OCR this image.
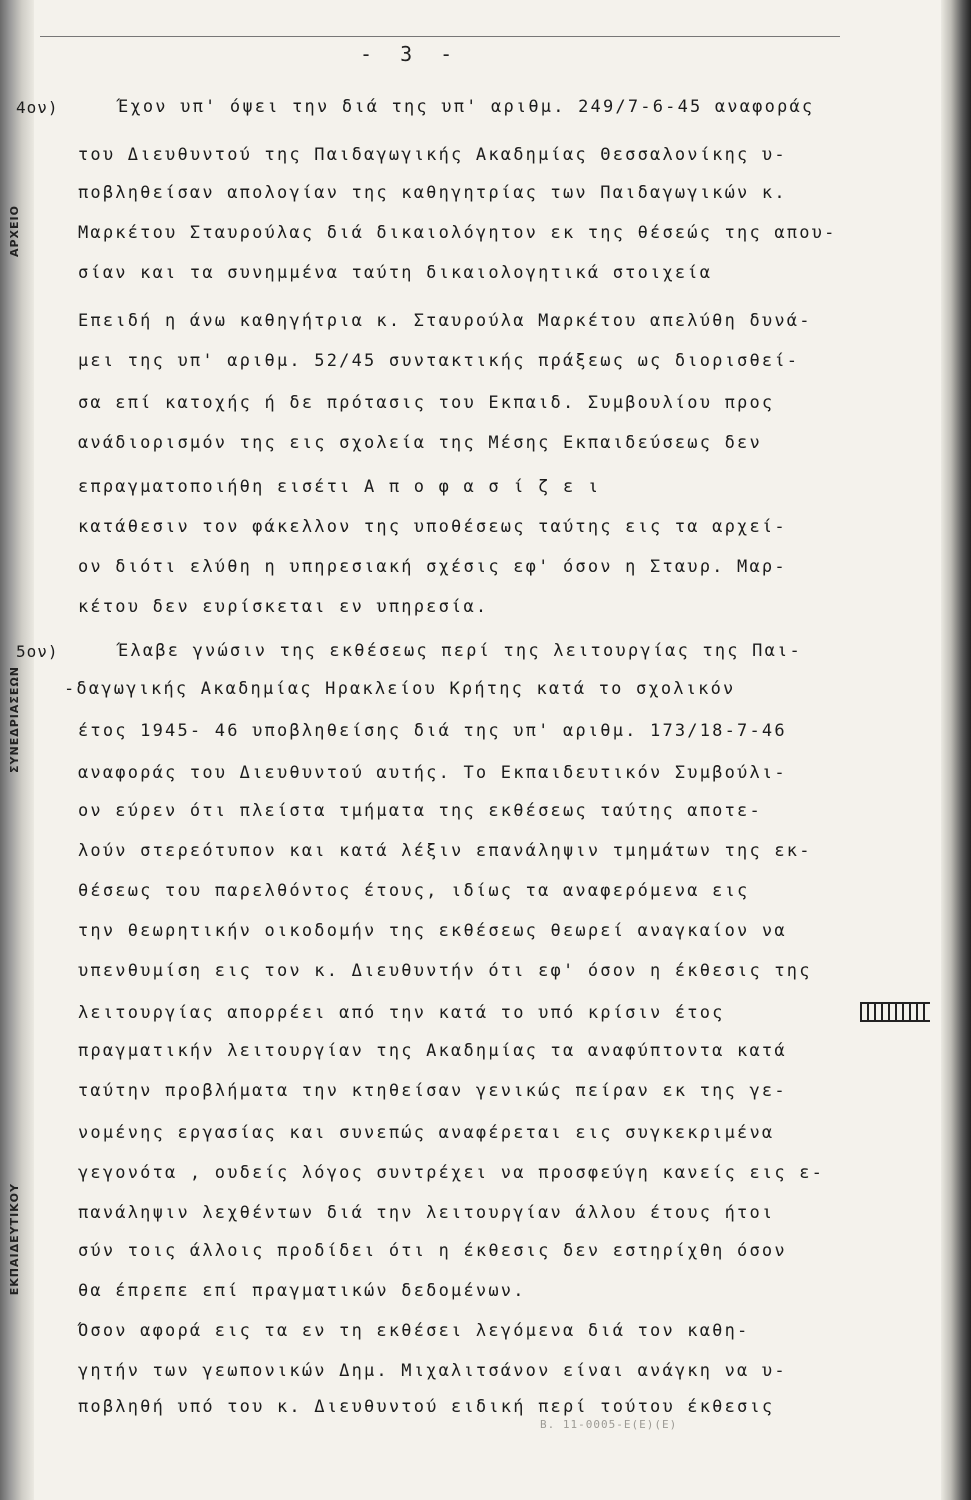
ΑΡΧΕΙΟ
ΣΥΝΕΔΡΙΑΣΕΩΝ
ΕΚΠΑΙΔΕΥΤΙΚΟΥ
- 3 -
4ον)	Έχον υπ' όψει την διά της υπ' αριθμ. 249/7-6-45 αναφοράς

του Διευθυντού της Παιδαγωγικής Ακαδημίας Θεσσαλονίκης υ-

ποβληθείσαν απολογίαν της καθηγητρίας των Παιδαγωγικών κ.

Μαρκέτου Σταυρούλας διά δικαιολόγητον εκ της θέσεώς της απου-

σίαν και τα συνημμένα ταύτη δικαιολογητικά στοιχεία

Επειδή η άνω καθηγήτρια κ. Σταυρούλα Μαρκέτου απελύθη δυνά-

μει της υπ' αριθμ. 52/45 συντακτικής πράξεως ως διορισθεί-

σα επί κατοχής ή δε πρότασις του Εκπαιδ. Συμβουλίου προς

ανάδιορισμόν της εις σχολεία της Μέσης Εκπαιδεύσεως δεν

επραγματοποιήθη εισέτι Α π ο φ α σ ί ζ ε ι

κατάθεσιν τον φάκελλον της υποθέσεως ταύτης εις τα αρχεί-

ον διότι ελύθη η υπηρεσιακή σχέσις εφ' όσον η Σταυρ. Μαρ-

κέτου δεν ευρίσκεται εν υπηρεσία.

5ον)	Έλαβε γνώσιν της εκθέσεως περί της λειτουργίας της Παι-

-δαγωγικής Ακαδημίας Ηρακλείου Κρήτης κατά το σχολικόν

έτος 1945- 46 υποβληθείσης διά της υπ' αριθμ. 173/18-7-46

αναφοράς του Διευθυντού αυτής. Το Εκπαιδευτικόν Συμβούλι-

ον εύρεν ότι πλείστα τμήματα της εκθέσεως ταύτης αποτε-

λούν στερεότυπον και κατά λέξιν επανάληψιν τμημάτων της εκ-

θέσεως του παρελθόντος έτους, ιδίως τα αναφερόμενα εις

την θεωρητικήν οικοδομήν της εκθέσεως θεωρεί αναγκαίον να

υπενθυμίση εις τον κ. Διευθυντήν ότι εφ' όσον η έκθεσις της

λειτουργίας απορρέει από την κατά το υπό κρίσιν έτος

πραγματικήν λειτουργίαν της Ακαδημίας τα αναφύπτοντα κατά

ταύτην προβλήματα την κτηθείσαν γενικώς πείραν εκ της γε-

νομένης εργασίας και συνεπώς αναφέρεται εις συγκεκριμένα

γεγονότα , ουδείς λόγος συντρέχει να προσφεύγη κανείς εις ε-

πανάληψιν λεχθέντων διά την λειτουργίαν άλλου έτους ήτοι

σύν τοις άλλοις προδίδει ότι η έκθεσις δεν εστηρίχθη όσον

θα έπρεπε επί πραγματικών δεδομένων.

Όσον αφορά εις τα εν τη εκθέσει λεγόμενα διά τον καθη-

γητήν των γεωπονικών Δημ. Μιχαλιτσάνον είναι ανάγκη να υ-

ποβληθή υπό του κ. Διευθυντού ειδική περί τούτου έκθεσις

Β. 11-0005-Ε(Ε)(Ε)
